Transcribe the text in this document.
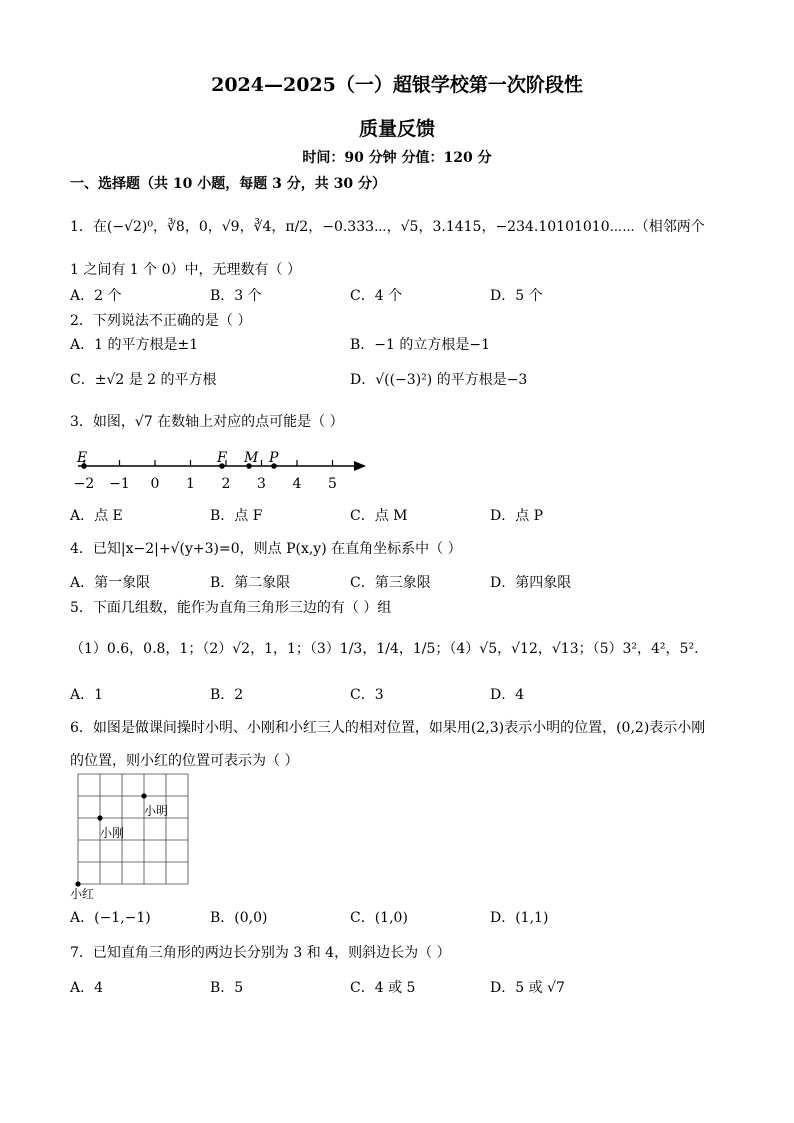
2024—2025（一）超银学校第一次阶段性
质量反馈
时间：90 分钟 分值：120 分
一、选择题（共 10 小题，每题 3 分，共 30 分）
1．在(−√2)⁰，∛8，0，√9，∛4，π/2，−0.333⋯，√5，3.1415，−234.10101010⋯⋯（相邻两个
1 之间有 1 个 0）中，无理数有（ ）
A．2 个	B．3 个	C．4 个	D．5 个
2．下列说法不正确的是（ ）
A．1 的平方根是±1	B．−1 的立方根是−1
C．±√2 是 2 的平方根	D．√((−3)²) 的平方根是−3
3．如图，√7 在数轴上对应的点可能是（ ）
−2 −1 0 1 2 3 4 5
E	F M P
A．点 E	B．点 F	C．点 M	D．点 P
4．已知|x−2|+√(y+3)=0，则点 P(x,y) 在直角坐标系中（ ）
A．第一象限	B．第二象限	C．第三象限	D．第四象限
5．下面几组数，能作为直角三角形三边的有（ ）组
（1）0.6，0.8，1；（2）√2，1，1；（3）1/3，1/4，1/5；（4）√5，√12，√13；（5）3²，4²，5².
A．1	B．2	C．3	D．4
6．如图是做课间操时小明、小刚和小红三人的相对位置，如果用(2,3)表示小明的位置，(0,2)表示小刚
的位置，则小红的位置可表示为（ ）
小明
小刚
小红
A．(−1,−1)	B．(0,0)	C．(1,0)	D．(1,1)
7．已知直角三角形的两边长分别为 3 和 4，则斜边长为（ ）
A．4	B．5	C．4 或 5	D．5 或 √7
